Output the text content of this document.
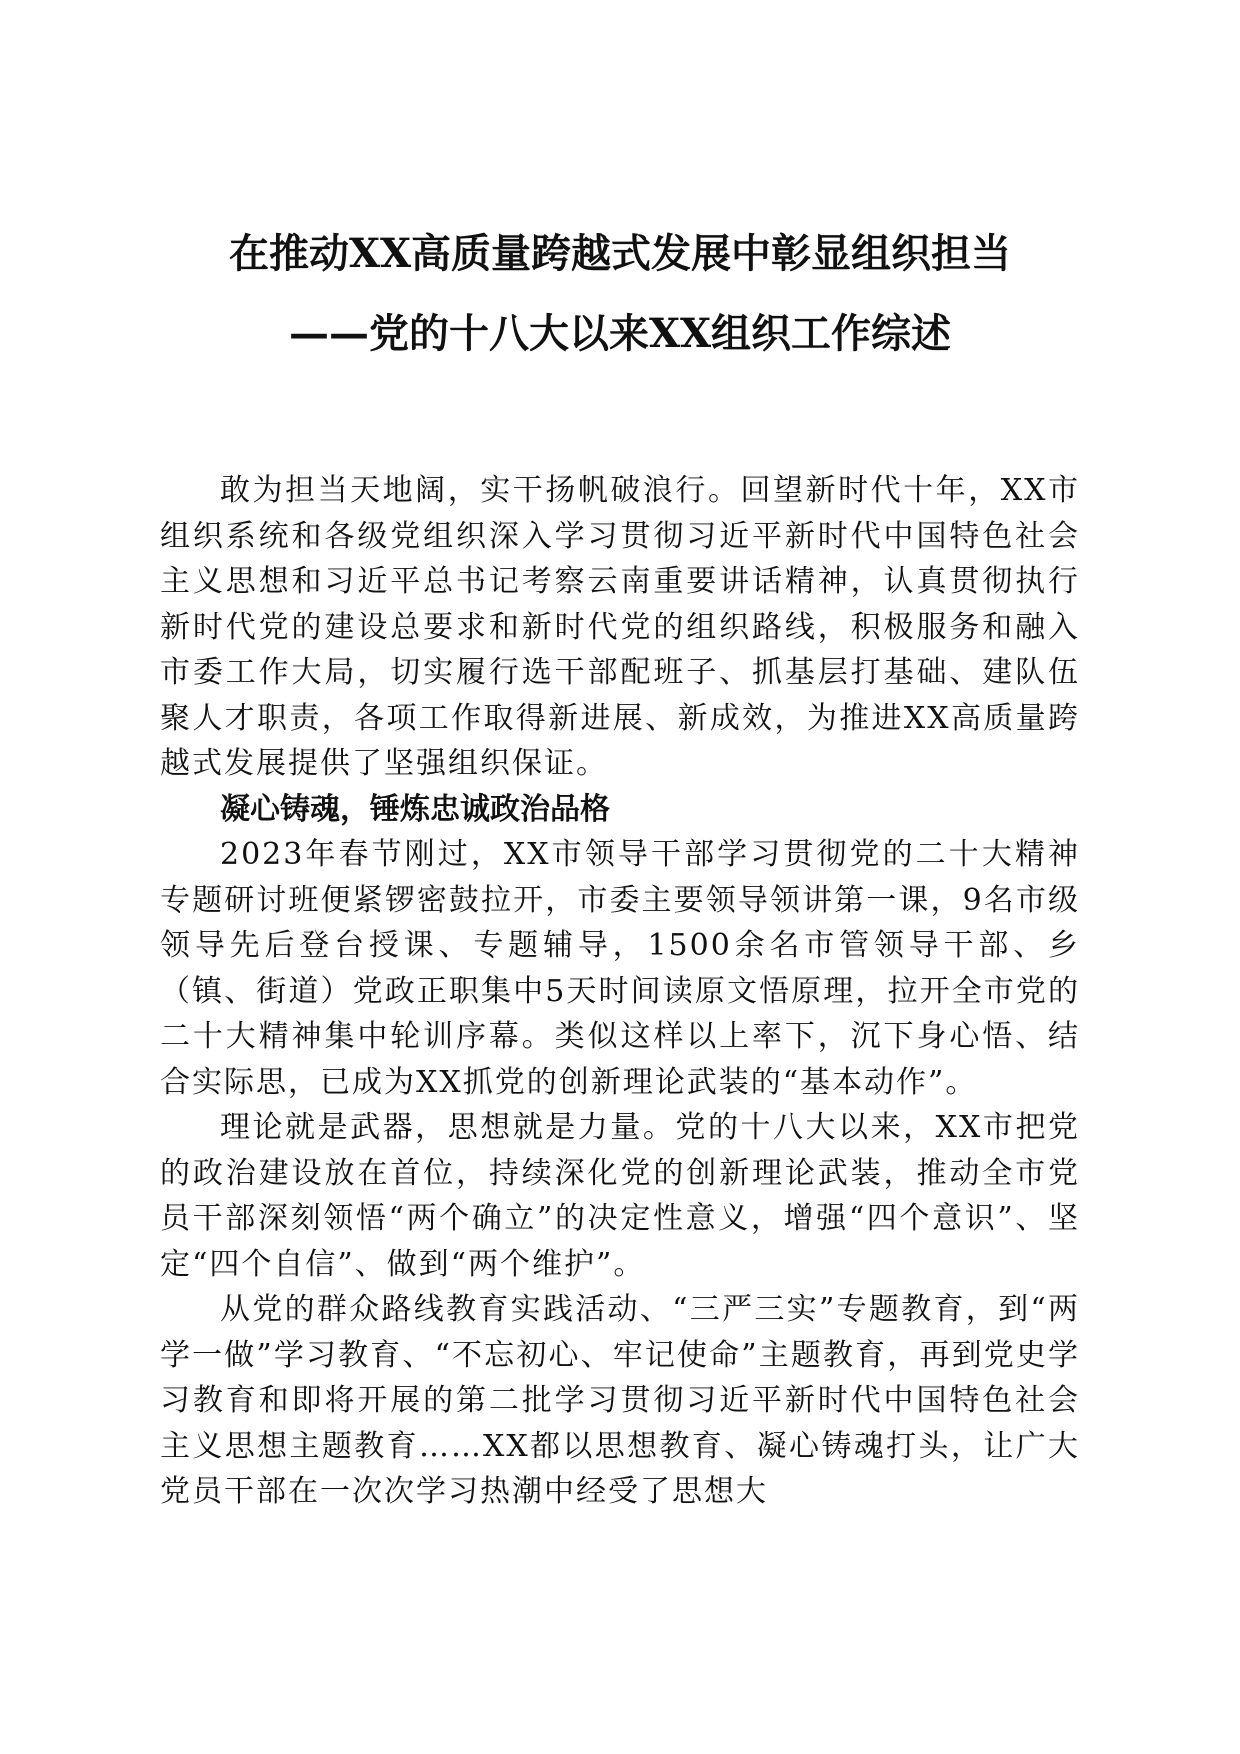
在推动XX高质量跨越式发展中彰显组织担当

——党的十八大以来XX组织工作综述

敢为担当天地阔，实干扬帆破浪行。回望新时代十年，XX市组织系统和各级党组织深入学习贯彻习近平新时代中国特色社会主义思想和习近平总书记考察云南重要讲话精神，认真贯彻执行新时代党的建设总要求和新时代党的组织路线，积极服务和融入市委工作大局，切实履行选干部配班子、抓基层打基础、建队伍聚人才职责，各项工作取得新进展、新成效，为推进XX高质量跨越式发展提供了坚强组织保证。

凝心铸魂，锤炼忠诚政治品格

2023年春节刚过，XX市领导干部学习贯彻党的二十大精神专题研讨班便紧锣密鼓拉开，市委主要领导领讲第一课，9名市级领导先后登台授课、专题辅导，1500余名市管领导干部、乡（镇、街道）党政正职集中5天时间读原文悟原理，拉开全市党的二十大精神集中轮训序幕。类似这样以上率下，沉下身心悟、结合实际思，已成为XX抓党的创新理论武装的“基本动作”。

理论就是武器，思想就是力量。党的十八大以来，XX市把党的政治建设放在首位，持续深化党的创新理论武装，推动全市党员干部深刻领悟“两个确立”的决定性意义，增强“四个意识”、坚定“四个自信”、做到“两个维护”。

从党的群众路线教育实践活动、“三严三实”专题教育，到“两学一做”学习教育、“不忘初心、牢记使命”主题教育，再到党史学习教育和即将开展的第二批学习贯彻习近平新时代中国特色社会主义思想主题教育……XX都以思想教育、凝心铸魂打头，让广大党员干部在一次次学习热潮中经受了思想大
